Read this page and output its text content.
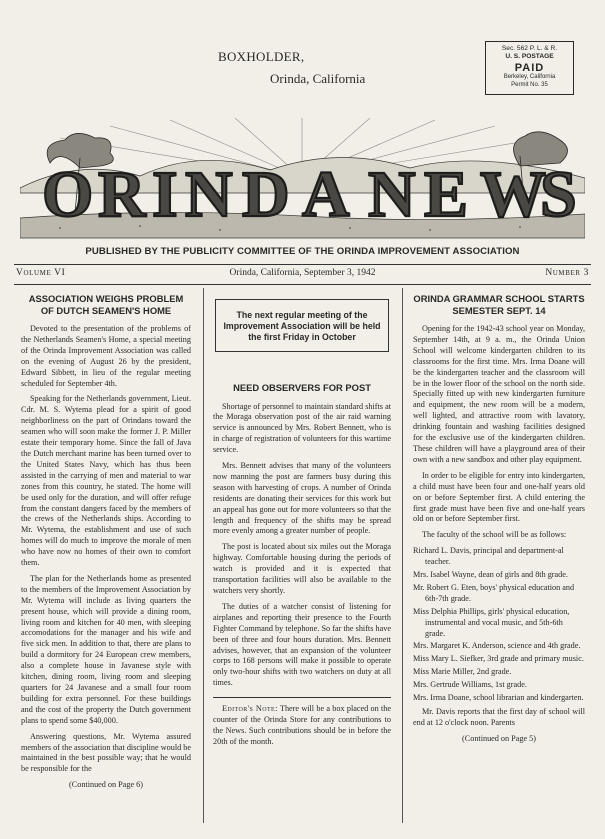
BOXHOLDER,
Orinda, California
Sec. 562 P. L. & R.
U. S. POSTAGE
PAID
Berkeley, California
Permit No. 35
O R I N D A N E W
S
PUBLISHED BY THE PUBLICITY COMMITTEE OF THE ORINDA IMPROVEMENT ASSOCIATION
Volume VI	Orinda, California, September 3, 1942	Number 3
ASSOCIATION WEIGHS PROBLEM OF DUTCH SEAMEN'S HOME

Devoted to the presentation of the problems of the Netherlands Seamen's Home, a special meeting of the Orinda Improvement Association was called on the evening of August 26 by the president, Edward Sibbett, in lieu of the regular meeting scheduled for September 4th.

Speaking for the Netherlands government, Lieut. Cdr. M. S. Wytema plead for a spirit of good neighborliness on the part of Orindans toward the seamen who will soon make the former J. P. Miller estate their temporary home. Since the fall of Java the Dutch merchant marine has been turned over to the United States Navy, which has thus been assisted in the carrying of men and material to war zones from this country, he stated. The home will be used only for the duration, and will offer refuge from the constant dangers faced by the members of the crews of the Netherlands ships. According to Mr. Wytema, the establishment and use of such homes will do much to improve the morale of men who have now no homes of their own to comfort them.

The plan for the Netherlands home as presented to the members of the Improvement Association by Mr. Wytema will include as living quarters the present house, which will provide a dining room, living room and kitchen for 40 men, with sleeping accomodations for the manager and his wife and five sick men. In addition to that, there are plans to build a dormitory for 24 European crew members, also a complete house in Javanese style with kitchen, dining room, living room and sleeping quarters for 24 Javanese and a small four room building for extra personnel. For these buildings and the cost of the property the Dutch government plans to spend some $40,000.

Answering questions, Mr. Wytema assured members of the association that discipline would be maintained in the best possible way; that he would be responsible for the

(Continued on Page 6)
The next regular meeting of the Improvement Association will be held the first Friday in October
NEED OBSERVERS FOR POST

Shortage of personnel to maintain standard shifts at the Moraga observation post of the air raid warning service is announced by Mrs. Robert Bennett, who is in charge of registration of volunteers for this wartime service.

Mrs. Bennett advises that many of the volunteers now manning the post are farmers busy during this season with harvesting of crops. A number of Orinda residents are donating their services for this work but an appeal has gone out for more volunteers so that the length and frequency of the shifts may be spread more evenly among a greater number of people.

The post is located about six miles out the Moraga highway. Comfortable housing during the periods of watch is provided and it is expected that transportation facilities will also be available to the watchers very shortly.

The duties of a watcher consist of listening for airplanes and reporting their presence to the Fourth Fighter Command by telephone. So far the shifts have been of three and four hours duration. Mrs. Bennett advises, however, that an expansion of the volunteer corps to 168 persons will make it possible to operate only two-hour shifts with two watchers on duty at all times.

Editor's Note: There will be a box placed on the counter of the Orinda Store for any contributions to the News. Such contributions should be in before the 20th of the month.

ORINDA GRAMMAR SCHOOL STARTS SEMESTER SEPT. 14

Opening for the 1942-43 school year on Monday, September 14th, at 9 a. m., the Orinda Union School will welcome kindergarten children to its classrooms for the first time. Mrs. Irma Doane will be the kindergarten teacher and the classroom will be in the lower floor of the school on the north side. Specially fitted up with new kindergarten furniture and equipment, the new room will be a modern, well lighted, and attractive room with lavatory, drinking fountain and washing facilities designed for the exclusive use of the kindergarten children. These children will have a playground area of their own with a new sandbox and other play equipment.

In order to be eligible for entry into kindergarten, a child must have been four and one-half years old on or before September first. A child entering the first grade must have been five and one-half years old on or before September first.

The faculty of the school will be as follows:

Richard L. Davis, principal and department-al teacher.
Mrs. Isabel Wayne, dean of girls and 8th grade.
Mr. Robert G. Eten, boys' physical education and 6th-7th grade.
Miss Delphia Phillips, girls' physical education, instrumental and vocal music, and 5th-6th grade.
Mrs. Margaret K. Anderson, science and 4th grade.
Miss Mary L. Siefker, 3rd grade and primary music.
Miss Marie Miller, 2nd grade.
Mrs. Gertrude Williams, 1st grade.
Mrs. Irma Doane, school librarian and kindergarten.

Mr. Davis reports that the first day of school will end at 12 o'clock noon. Parents

(Continued on Page 5)
